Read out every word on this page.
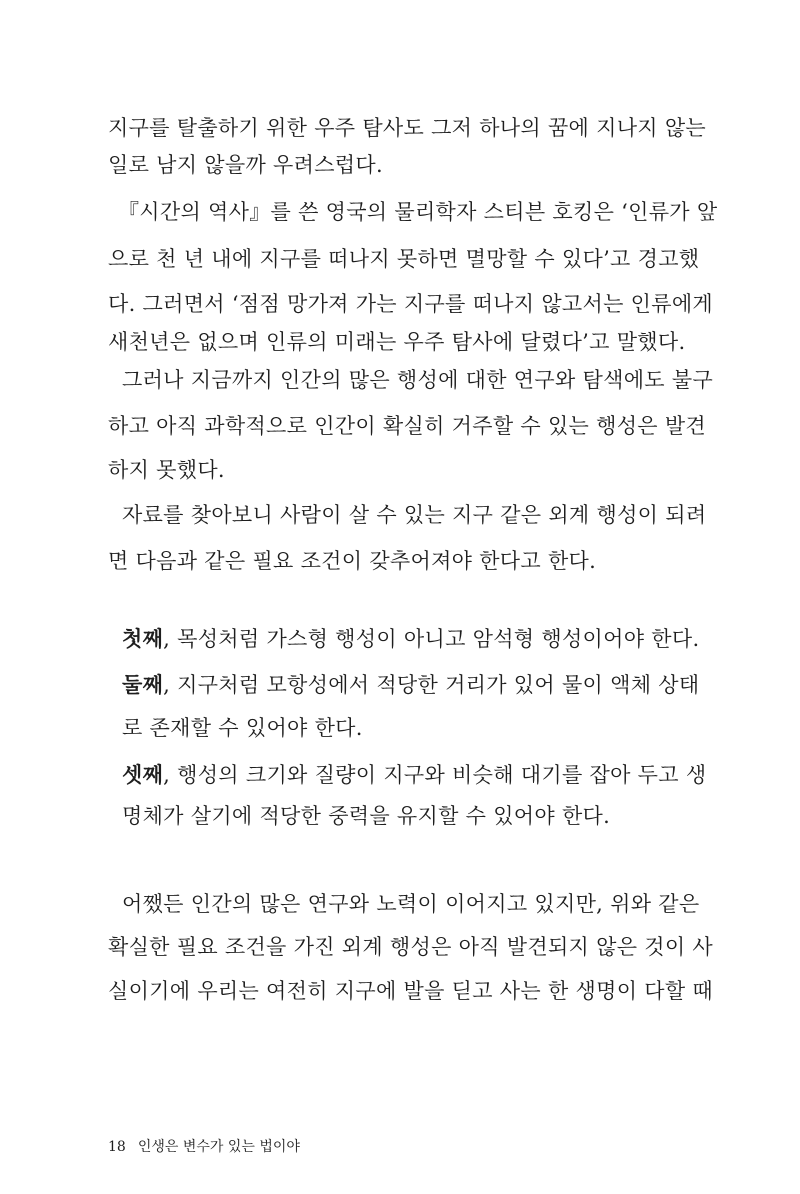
지구를 탈출하기 위한 우주 탐사도 그저 하나의 꿈에 지나지 않는
일로 남지 않을까 우려스럽다.
『시간의 역사』를 쓴 영국의 물리학자 스티븐 호킹은 ‘인류가 앞
으로 천 년 내에 지구를 떠나지 못하면 멸망할 수 있다’고 경고했
다. 그러면서 ‘점점 망가져 가는 지구를 떠나지 않고서는 인류에게
새천년은 없으며 인류의 미래는 우주 탐사에 달렸다’고 말했다.
그러나 지금까지 인간의 많은 행성에 대한 연구와 탐색에도 불구
하고 아직 과학적으로 인간이 확실히 거주할 수 있는 행성은 발견
하지 못했다.
자료를 찾아보니 사람이 살 수 있는 지구 같은 외계 행성이 되려
면 다음과 같은 필요 조건이 갖추어져야 한다고 한다.
첫째, 목성처럼 가스형 행성이 아니고 암석형 행성이어야 한다.
둘째, 지구처럼 모항성에서 적당한 거리가 있어 물이 액체 상태
로 존재할 수 있어야 한다.
셋째, 행성의 크기와 질량이 지구와 비슷해 대기를 잡아 두고 생
명체가 살기에 적당한 중력을 유지할 수 있어야 한다.
어쨌든 인간의 많은 연구와 노력이 이어지고 있지만, 위와 같은
확실한 필요 조건을 가진 외계 행성은 아직 발견되지 않은 것이 사
실이기에 우리는 여전히 지구에 발을 딛고 사는 한 생명이 다할 때
18 인생은 변수가 있는 법이야
